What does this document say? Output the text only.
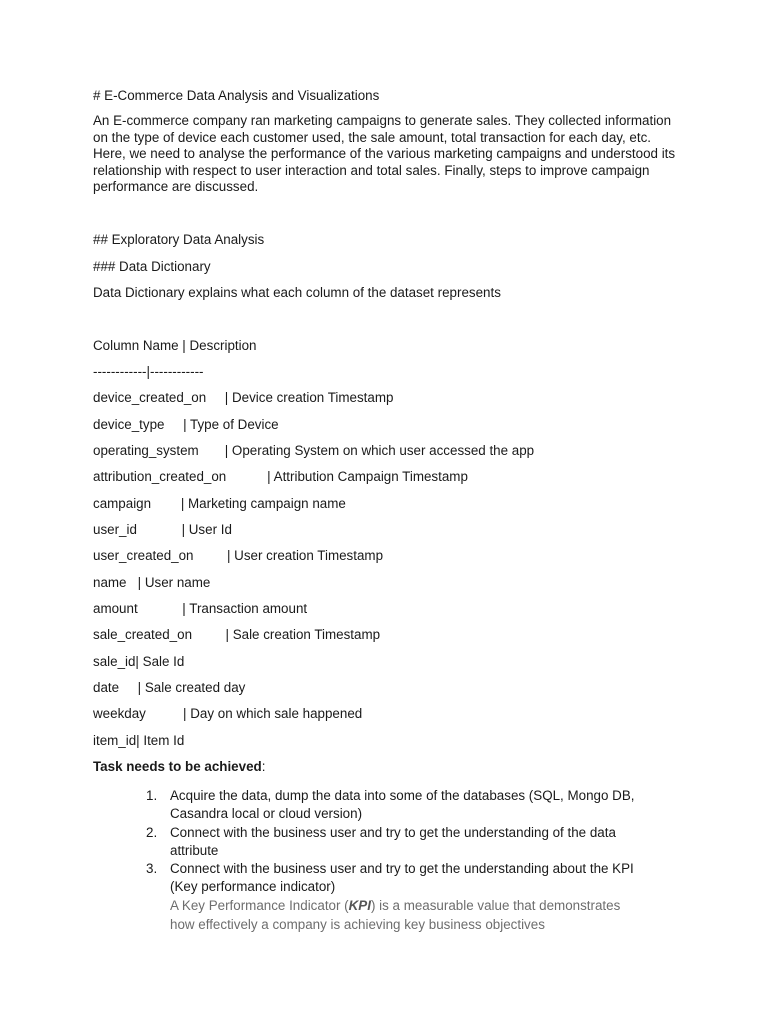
# E-Commerce Data Analysis and Visualizations
An E-commerce company ran marketing campaigns to generate sales. They collected information on the type of device each customer used, the sale amount, total transaction for each day, etc. Here, we need to analyse the performance of the various marketing campaigns and understood its relationship with respect to user interaction and total sales. Finally, steps to improve campaign performance are discussed.
## Exploratory Data Analysis
### Data Dictionary
Data Dictionary explains what each column of the dataset represents
Column Name | Description
------------|------------
device_created_on     | Device creation Timestamp
device_type     | Type of Device
operating_system       | Operating System on which user accessed the app
attribution_created_on           | Attribution Campaign Timestamp
campaign        | Marketing campaign name
user_id            | User Id
user_created_on         | User creation Timestamp
name   | User name
amount            | Transaction amount
sale_created_on         | Sale creation Timestamp
sale_id| Sale Id
date     | Sale created day
weekday          | Day on which sale happened
item_id| Item Id
Task needs to be achieved:
1. Acquire the data, dump the data into some of the databases (SQL, Mongo DB, Casandra local or cloud version)
2. Connect with the business user and try to get the understanding of the data attribute
3. Connect with the business user and try to get the understanding about the KPI (Key performance indicator)
A Key Performance Indicator (KPI) is a measurable value that demonstrates how effectively a company is achieving key business objectives
